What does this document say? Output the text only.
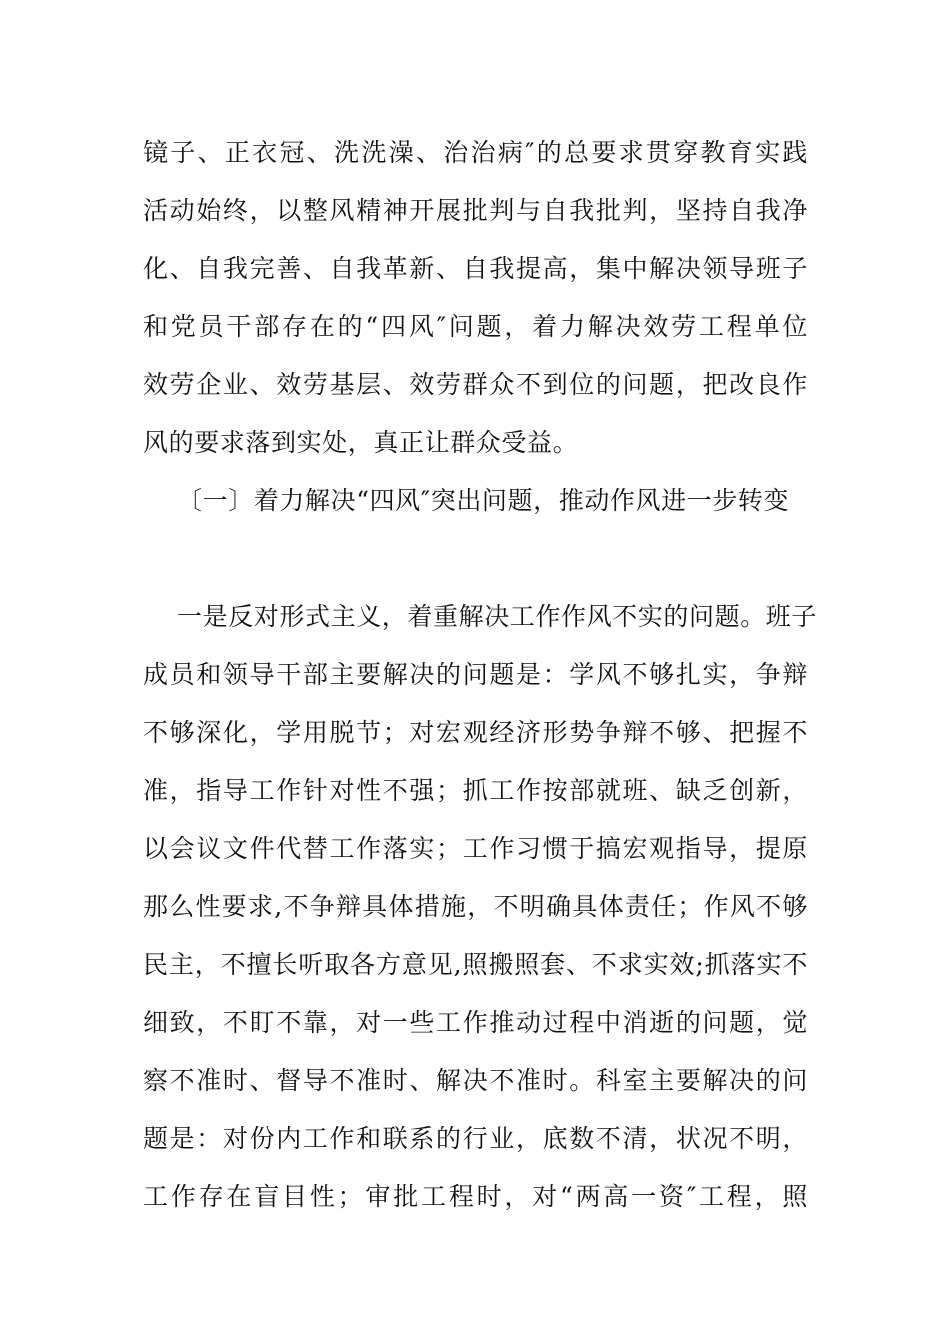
镜子、正衣冠、洗洗澡、治治病″的总要求贯穿教育实践
活动始终，以整风精神开展批判与自我批判，坚持自我净
化、自我完善、自我革新、自我提高，集中解决领导班子
和党员干部存在的“四风″问题，着力解决效劳工程单位
效劳企业、效劳基层、效劳群众不到位的问题，把改良作
风的要求落到实处，真正让群众受益。
〔一〕着力解决“四风″突出问题，推动作风进一步转变
一是反对形式主义，着重解决工作作风不实的问题。班子
成员和领导干部主要解决的问题是：学风不够扎实，争辩
不够深化，学用脱节；对宏观经济形势争辩不够、把握不
准，指导工作针对性不强；抓工作按部就班、缺乏创新，
以会议文件代替工作落实；工作习惯于搞宏观指导，提原
那么性要求,不争辩具体措施，不明确具体责任；作风不够
民主，不擅长听取各方意见,照搬照套、不求实效;抓落实不
细致，不盯不靠，对一些工作推动过程中消逝的问题，觉
察不准时、督导不准时、解决不准时。科室主要解决的问
题是：对份内工作和联系的行业，底数不清，状况不明，
工作存在盲目性；审批工程时，对“两高一资″工程，照
